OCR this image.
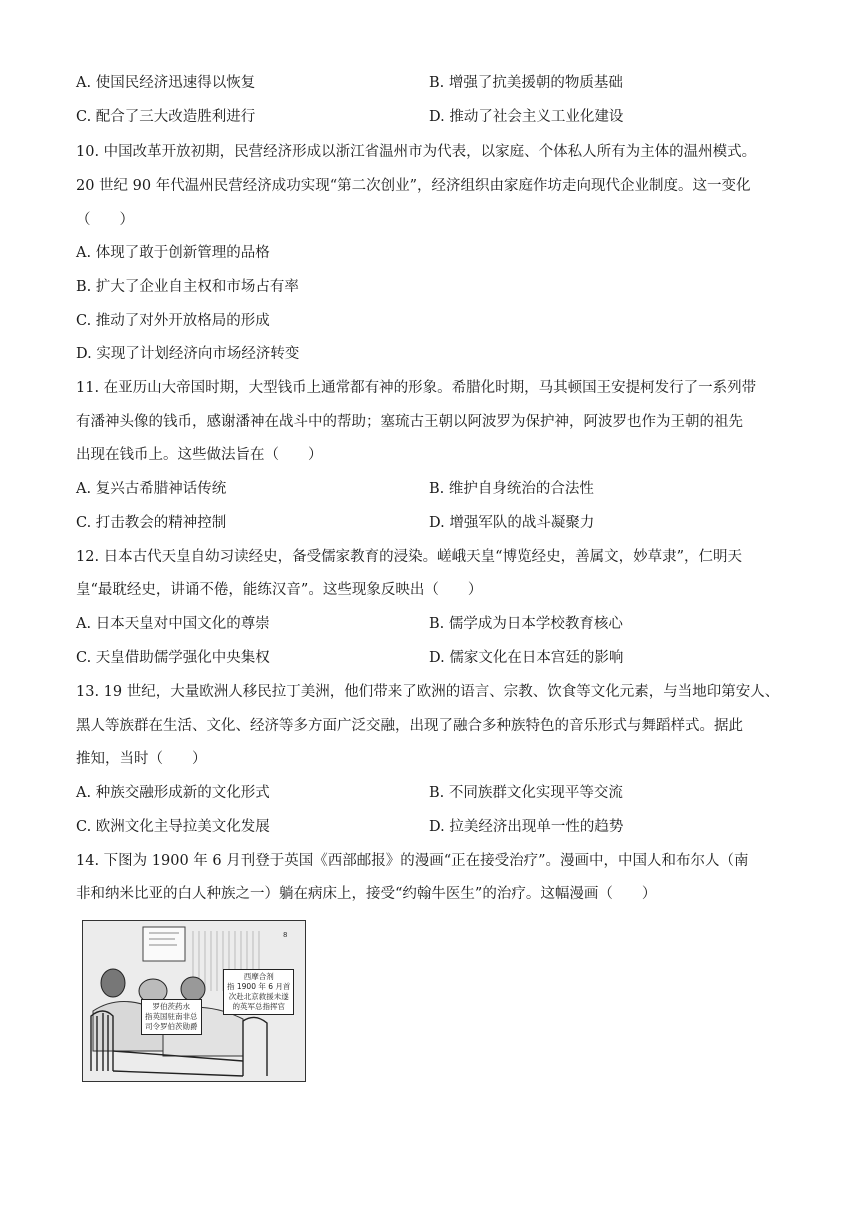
A. 使国民经济迅速得以恢复	B. 增强了抗美援朝的物质基础
C. 配合了三大改造胜利进行	D. 推动了社会主义工业化建设
10. 中国改革开放初期，民营经济形成以浙江省温州市为代表，以家庭、个体私人所有为主体的温州模式。
20 世纪 90 年代温州民营经济成功实现“第二次创业”，经济组织由家庭作坊走向现代企业制度。这一变化
（　　）
A. 体现了敢于创新管理的品格
B. 扩大了企业自主权和市场占有率
C. 推动了对外开放格局的形成
D. 实现了计划经济向市场经济转变
11. 在亚历山大帝国时期，大型钱币上通常都有神的形象。希腊化时期，马其顿国王安提柯发行了一系列带
有潘神头像的钱币，感谢潘神在战斗中的帮助；塞琉古王朝以阿波罗为保护神，阿波罗也作为王朝的祖先
出现在钱币上。这些做法旨在（　　）
A. 复兴古希腊神话传统	B. 维护自身统治的合法性
C. 打击教会的精神控制	D. 增强军队的战斗凝聚力
12. 日本古代天皇自幼习读经史，备受儒家教育的浸染。嵯峨天皇“博览经史，善属文，妙草隶”，仁明天
皇“最耽经史，讲诵不倦，能练汉音”。这些现象反映出（　　）
A. 日本天皇对中国文化的尊崇	B. 儒学成为日本学校教育核心
C. 天皇借助儒学强化中央集权	D. 儒家文化在日本宫廷的影响
13. 19 世纪，大量欧洲人移民拉丁美洲，他们带来了欧洲的语言、宗教、饮食等文化元素，与当地印第安人、
黑人等族群在生活、文化、经济等多方面广泛交融，出现了融合多种族特色的音乐形式与舞蹈样式。据此
推知，当时（　　）
A. 种族交融形成新的文化形式	B. 不同族群文化实现平等交流
C. 欧洲文化主导拉美文化发展	D. 拉美经济出现单一性的趋势
14. 下图为 1900 年 6 月刊登于英国《西部邮报》的漫画“正在接受治疗”。漫画中，中国人和布尔人（南
非和纳米比亚的白人种族之一）躺在病床上，接受“约翰牛医生”的治疗。这幅漫画（　　）
8
罗伯茨药水
指英国驻南非总
司令罗伯茨勋爵
西摩合剂
指 1900 年 6 月首
次赴北京救援未遂
的英军总指挥官
